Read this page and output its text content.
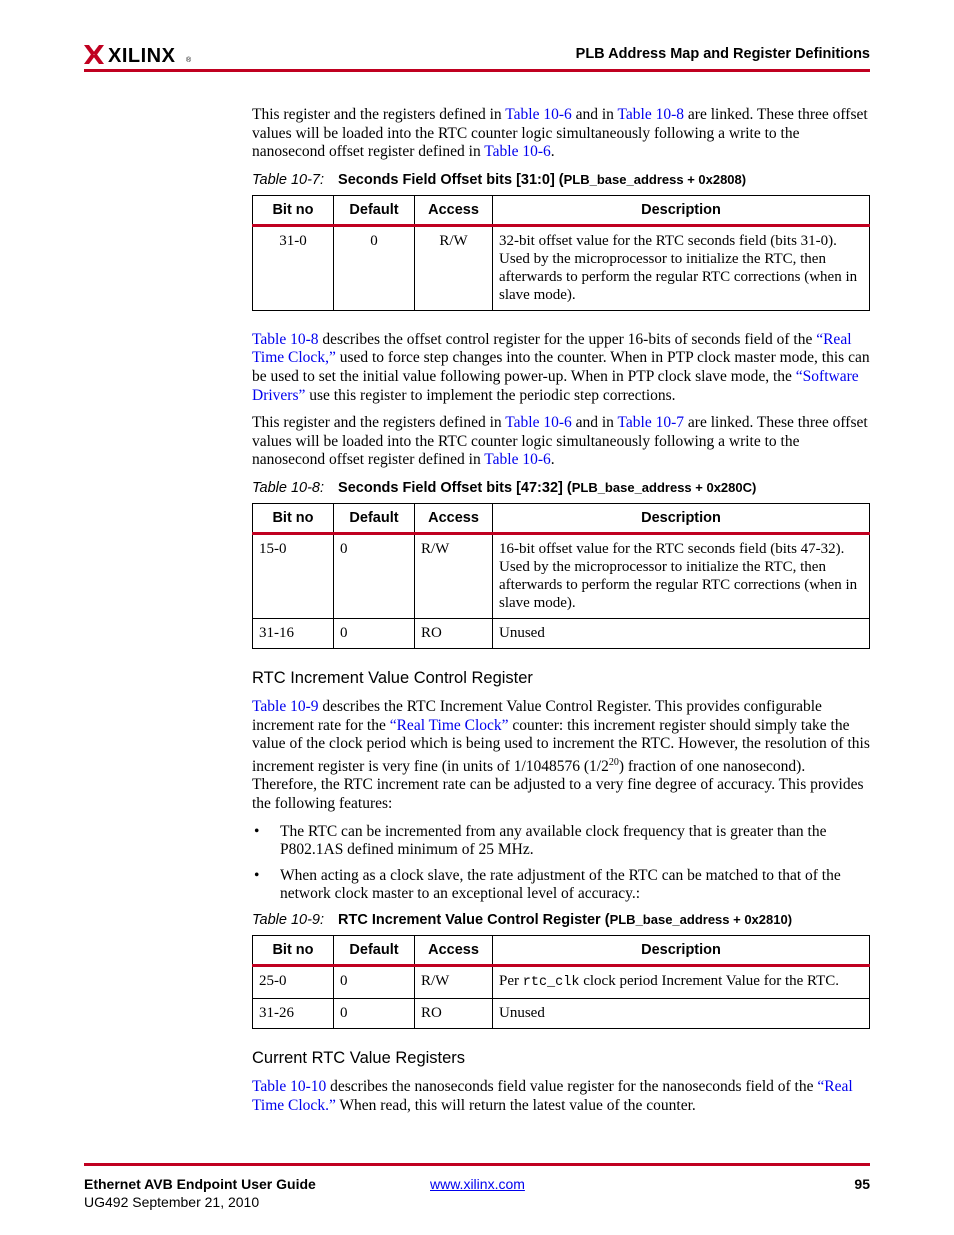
XILINX ®	PLB Address Map and Register Definitions

This register and the registers defined in Table 10-6 and in Table 10-8 are linked. These three offset values will be loaded into the RTC counter logic simultaneously following a write to the nanosecond offset register defined in Table 10-6.

Table 10-7: Seconds Field Offset bits [31:0] (PLB_base_address + 0x2808)
Bit no	Default	Access	Description
31-0	0	R/W	32-bit offset value for the RTC seconds field (bits 31-0). Used by the microprocessor to initialize the RTC, then afterwards to perform the regular RTC corrections (when in slave mode).

Table 10-8 describes the offset control register for the upper 16-bits of seconds field of the “Real Time Clock,” used to force step changes into the counter. When in PTP clock master mode, this can be used to set the initial value following power-up. When in PTP clock slave mode, the “Software Drivers” use this register to implement the periodic step corrections.

This register and the registers defined in Table 10-6 and in Table 10-7 are linked. These three offset values will be loaded into the RTC counter logic simultaneously following a write to the nanosecond offset register defined in Table 10-6.

Table 10-8: Seconds Field Offset bits [47:32] (PLB_base_address + 0x280C)
Bit no	Default	Access	Description
15-0	0	R/W	16-bit offset value for the RTC seconds field (bits 47-32). Used by the microprocessor to initialize the RTC, then afterwards to perform the regular RTC corrections (when in slave mode).
31-16	0	RO	Unused
RTC Increment Value Control Register

Table 10-9 describes the RTC Increment Value Control Register. This provides configurable increment rate for the “Real Time Clock” counter: this increment register should simply take the value of the clock period which is being used to increment the RTC. However, the resolution of this increment register is very fine (in units of 1/1048576 $(1/2^{20})$ fraction of one nanosecond). Therefore, the RTC increment rate can be adjusted to a very fine degree of accuracy. This provides the following features:

• The RTC can be incremented from any available clock frequency that is greater than the P802.1AS defined minimum of 25 MHz.
• When acting as a clock slave, the rate adjustment of the RTC can be matched to that of the network clock master to an exceptional level of accuracy.:
Table 10-9: RTC Increment Value Control Register (PLB_base_address + 0x2810)
Bit no	Default	Access	Description
25-0	0	R/W	Per rtc_clk clock period Increment Value for the RTC.
31-26	0	RO	Unused
Current RTC Value Registers

Table 10-10 describes the nanoseconds field value register for the nanoseconds field of the “Real Time Clock.” When read, this will return the latest value of the counter.

Ethernet AVB Endpoint User Guide
UG492 September 21, 2010
www.xilinx.com	95
